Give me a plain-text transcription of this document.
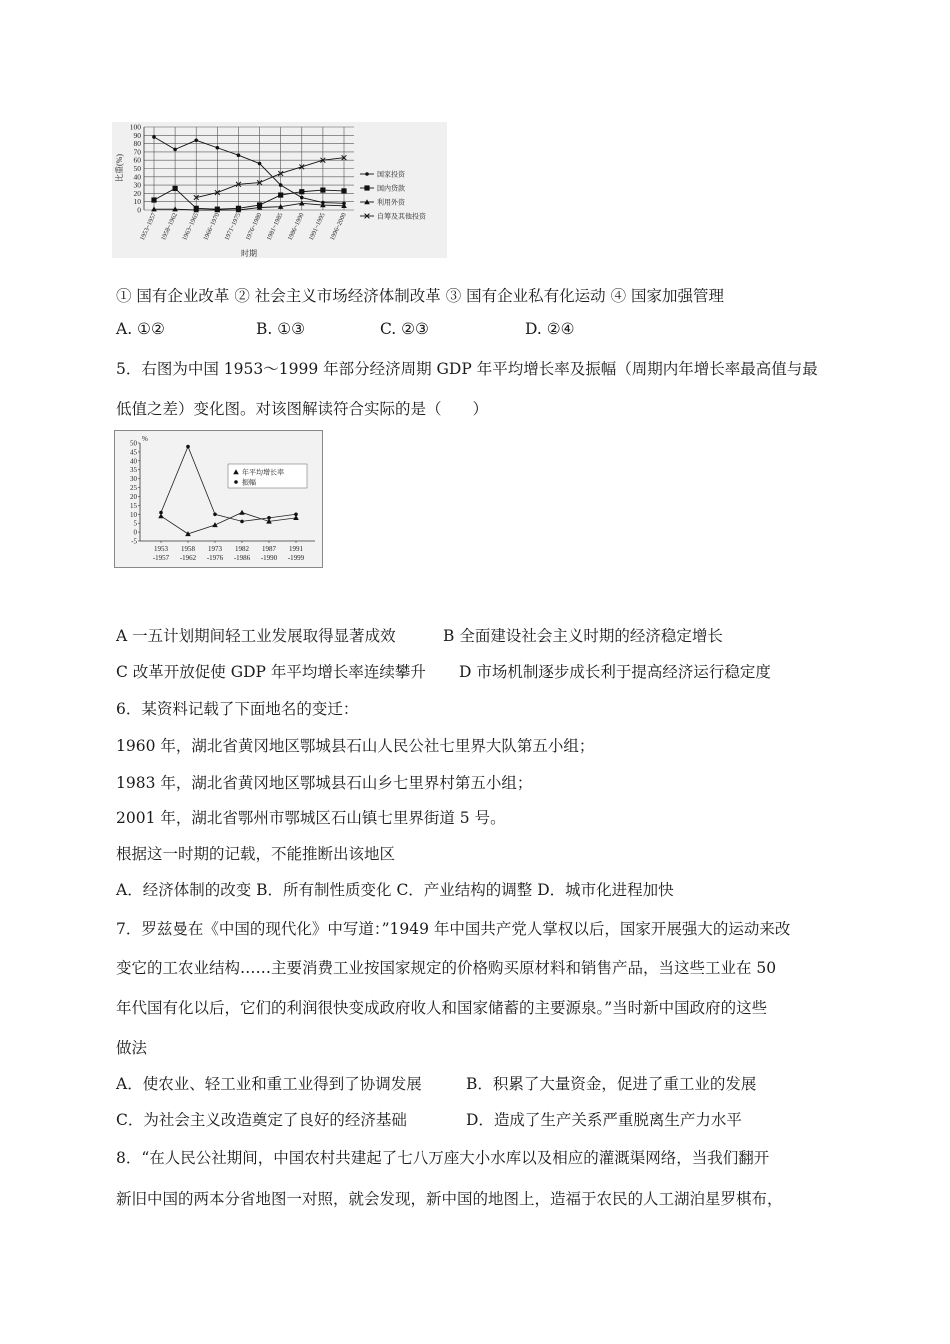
100
90
80
70
60
50
40
30
20
10
0
1953~1957 1958~1962 1963~1965 1966~1970 1971~1975 1976~1980 1981~1985 1986~1990 1991~1995 1996~2000
比重(%)
时期
国家投资
国内贷款
利用外资
自筹及其他投资
① 国有企业改革 ② 社会主义市场经济体制改革 ③ 国有企业私有化运动 ④ 国家加强管理
A. ①②	B. ①③	C. ②③	D. ②④
5．右图为中国 1953～1999 年部分经济周期 GDP 年平均增长率及振幅（周期内年增长率最高值与最
低值之差）变化图。对该图解读符合实际的是（　　）
50
45
40
35
30
25
20
15
10
5
0
-5
%
1953
-1957
1958
-1962
1973
-1976
1982
-1986
1987
-1990
1991
-1999
年平均增长率
振幅
A 一五计划期间轻工业发展取得显著成效	B 全面建设社会主义时期的经济稳定增长
C 改革开放促使 GDP 年平均增长率连续攀升 D 市场机制逐步成长利于提高经济运行稳定度
6．某资料记载了下面地名的变迁：
1960 年，湖北省黄冈地区鄂城县石山人民公社七里界大队第五小组；
1983 年，湖北省黄冈地区鄂城县石山乡七里界村第五小组；
2001 年，湖北省鄂州市鄂城区石山镇七里界街道 5 号。
根据这一时期的记载，不能推断出该地区
A．经济体制的改变 B．所有制性质变化 C．产业结构的调整 D．城市化进程加快
7．罗兹曼在《中国的现代化》中写道：”1949 年中国共产党人掌权以后，国家开展强大的运动来改
变它的工农业结构……主要消费工业按国家规定的价格购买原材料和销售产品，当这些工业在 50
年代国有化以后，它们的利润很快变成政府收人和国家储蓄的主要源泉。”当时新中国政府的这些
做法
A．使农业、轻工业和重工业得到了协调发展	B．积累了大量资金，促进了重工业的发展
C．为社会主义改造奠定了良好的经济基础	D．造成了生产关系严重脱离生产力水平
8．“在人民公社期间，中国农村共建起了七八万座大小水库以及相应的灌溉渠网络，当我们翻开
新旧中国的两本分省地图一对照，就会发现，新中国的地图上，造福于农民的人工湖泊星罗棋布，
